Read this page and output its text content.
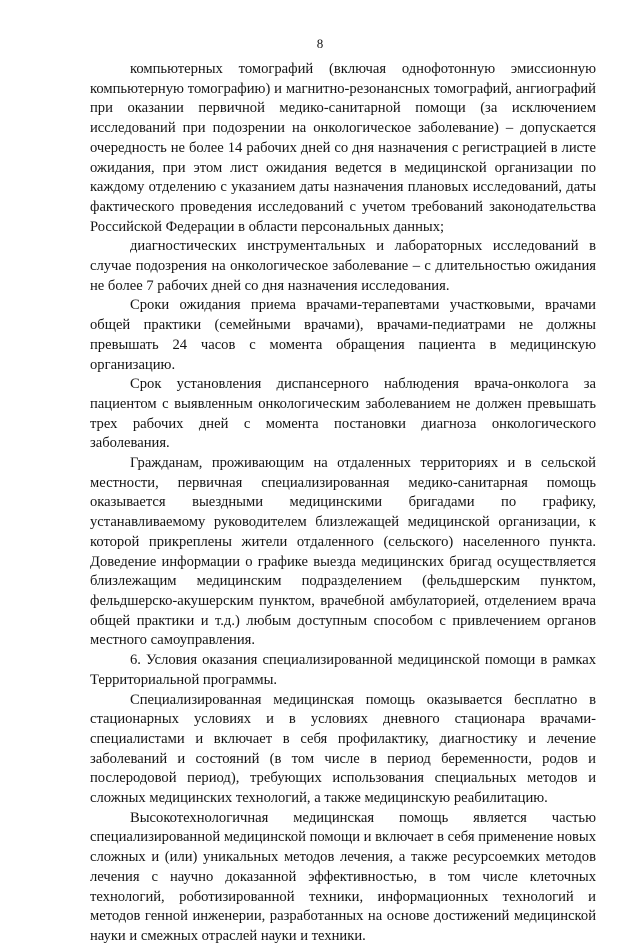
8

компьютерных томографий (включая однофотонную эмиссионную компьютерную томографию) и магнитно-резонансных томографий, ангиографий при оказании первичной медико-санитарной помощи (за исключением исследований при подозрении на онкологическое заболевание) – допускается очередность не более 14 рабочих дней со дня назначения с регистрацией в листе ожидания, при этом лист ожидания ведется в медицинской организации по каждому отделению с указанием даты назначения плановых исследований, даты фактического проведения исследований с учетом требований законодательства Российской Федерации в области персональных данных;

диагностических инструментальных и лабораторных исследований в случае подозрения на онкологическое заболевание – с длительностью ожидания не более 7 рабочих дней со дня назначения исследования.

Сроки ожидания приема врачами-терапевтами участковыми, врачами общей практики (семейными врачами), врачами-педиатрами не должны превышать 24 часов с момента обращения пациента в медицинскую организацию.

Срок установления диспансерного наблюдения врача-онколога за пациентом с выявленным онкологическим заболеванием не должен превышать трех рабочих дней с момента постановки диагноза онкологического заболевания.

Гражданам, проживающим на отдаленных территориях и в сельской местности, первичная специализированная медико-санитарная помощь оказывается выездными медицинскими бригадами по графику, устанавливаемому руководителем близлежащей медицинской организации, к которой прикреплены жители отдаленного (сельского) населенного пункта. Доведение информации о графике выезда медицинских бригад осуществляется близлежащим медицинским подразделением (фельдшерским пунктом, фельдшерско-акушерским пунктом, врачебной амбулаторией, отделением врача общей практики и т.д.) любым доступным способом с привлечением органов местного самоуправления.

6. Условия оказания специализированной медицинской помощи в рамках Территориальной программы.

Специализированная медицинская помощь оказывается бесплатно в стационарных условиях и в условиях дневного стационара врачами-специалистами и включает в себя профилактику, диагностику и лечение заболеваний и состояний (в том числе в период беременности, родов и послеродовой период), требующих использования специальных методов и сложных медицинских технологий, а также медицинскую реабилитацию.

Высокотехнологичная медицинская помощь является частью специализированной медицинской помощи и включает в себя применение новых сложных и (или) уникальных методов лечения, а также ресурсоемких методов лечения с научно доказанной эффективностью, в том числе клеточных технологий, роботизированной техники, информационных технологий и методов генной инженерии, разработанных на основе достижений медицинской науки и смежных отраслей науки и техники.
